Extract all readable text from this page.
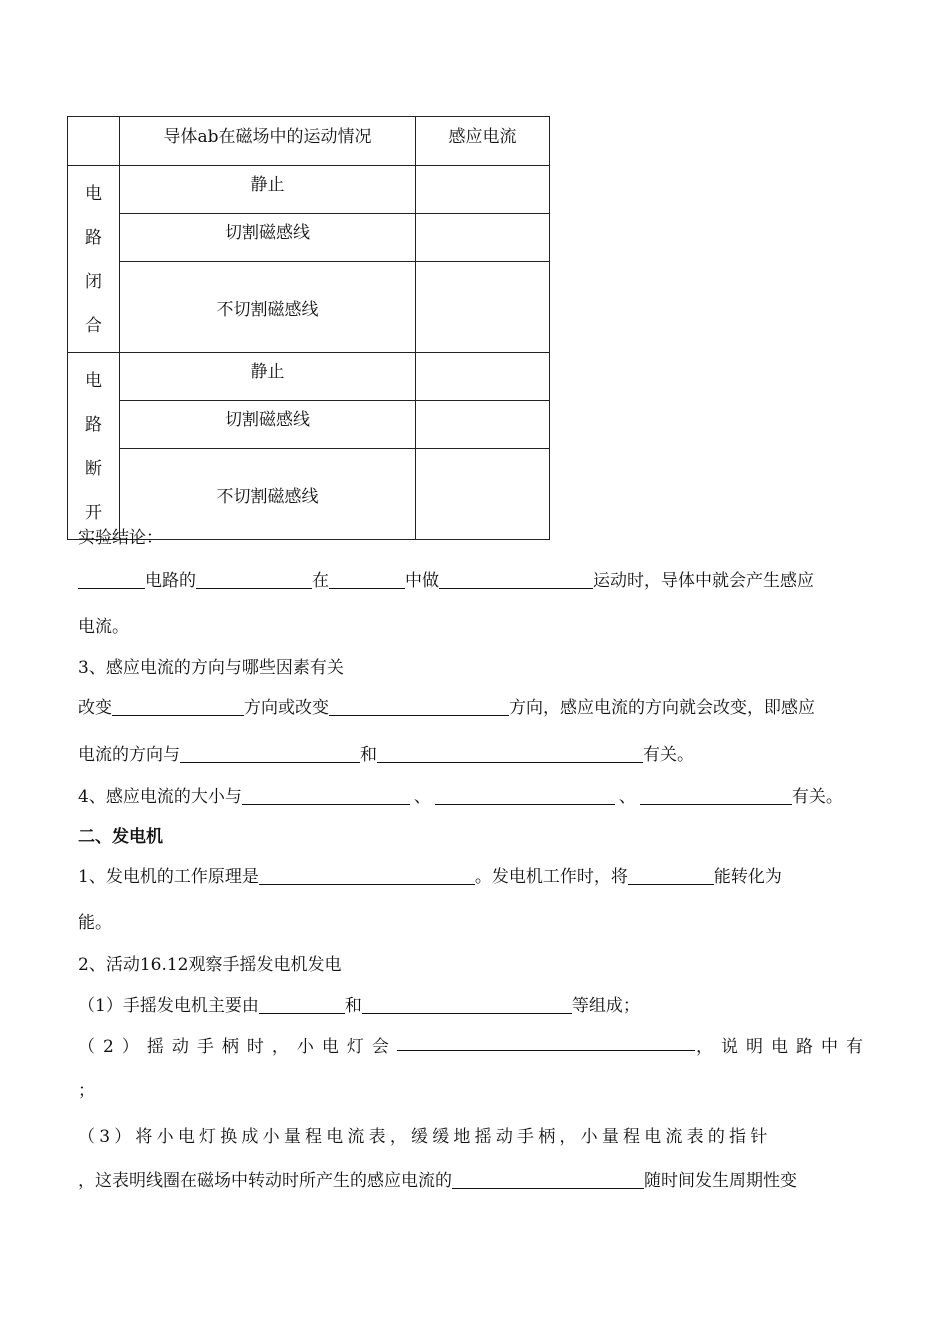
	导体ab在磁场中的运动情况	感应电流

电
路
闭
合	静止	
	切割磁感线	
	不切割磁感线	

电
路
断
开	静止	
	切割磁感线	
	不切割磁感线	
实验结论：
电路的	在	中做	运动时，导体中就会产生感应
电流。
3、感应电流的方向与哪些因素有关
改变	方向或改变	方向，感应电流的方向就会改变，即感应
电流的方向与	和	有关。
4、感应电流的大小与	、	、	有关。
二、发电机
1、发电机的工作原理是	。发电机工作时，将	能转化为
能。
2、活动16.12观察手摇发电机发电
（1）手摇发电机主要由	和	等组成；
（2）摇动手柄时，小电灯会	，说明电路中有
；
（3）将小电灯换成小量程电流表，缓缓地摇动手柄，小量程电流表的指针
，这表明线圈在磁场中转动时所产生的感应电流的	随时间发生周期性变
